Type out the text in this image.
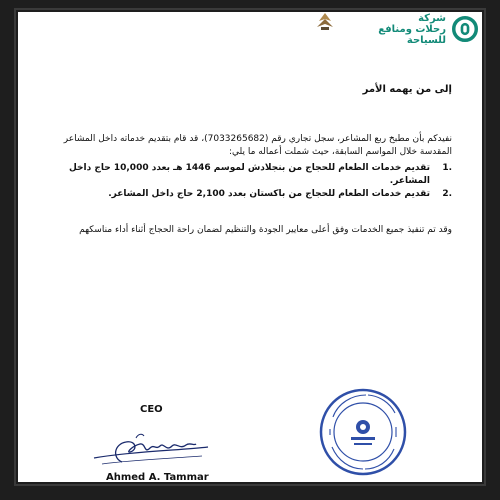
شركة
رحلات ومنافع
للسياحة
إلى من يهمه الأمر

نفيدكم بأن مطبخ ربع المشاعر، سجل تجاري رقم (7033265682)، قد قام بتقديم خدماته داخل المشاعر المقدسة خلال المواسم السابقة، حيث شملت أعماله ما يلي:

1.
تقديم خدمات الطعام للحجاج من بنجلادش لموسم 1446 هـ بعدد 10,000 حاج داخل المشاعر.
2.
تقديم خدمات الطعام للحجاج من باكستان بعدد 2,100 حاج داخل المشاعر.

وقد تم تنفيذ جميع الخدمات وفق أعلى معايير الجودة والتنظيم لضمان راحة الحجاج أثناء أداء مناسكهم

CEO
Ahmed A. Tammar
